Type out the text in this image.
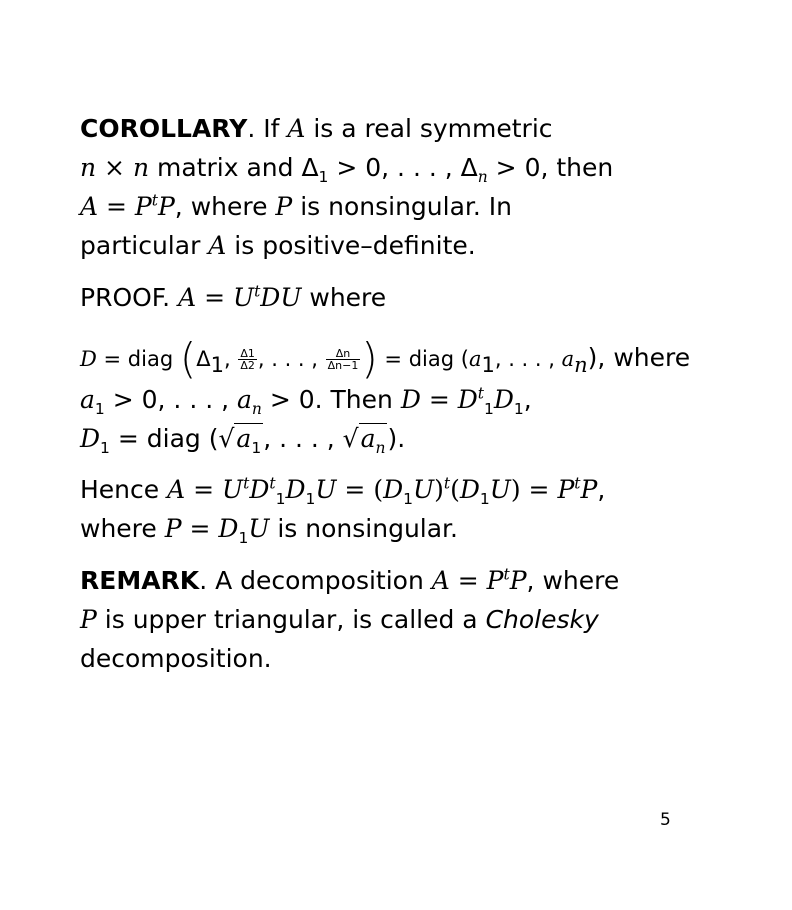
COROLLARY. If A is a real symmetric
n × n matrix and $\Delta_1 > 0$, . . . , $\Delta_n > 0$, then
$A = P^tP$, where P is nonsingular. In
particular A is positive–definite.
PROOF. $A = U^tDU$ where
D = diag ($\Delta_1$, $\frac{\Delta 1}{\Delta 2}$ , . . . , $\frac{\Delta n}{\Delta n-1}$ ) = diag ($a_1$, . . . , $a_n$), where
$a_1 > 0$, . . . , $a_n > 0$. Then $D = D^t_1D_1$,
$D_1$ = diag ($√a_1$, . . . , $√a_n$).
Hence $A = U^tD^t_1D_1U = (D_1U)^t(D_1U) = P^tP$,
where $P = D_1U$ is nonsingular.
REMARK. A decomposition $A = P^tP$, where
P is upper triangular, is called a Cholesky
decomposition.
5
